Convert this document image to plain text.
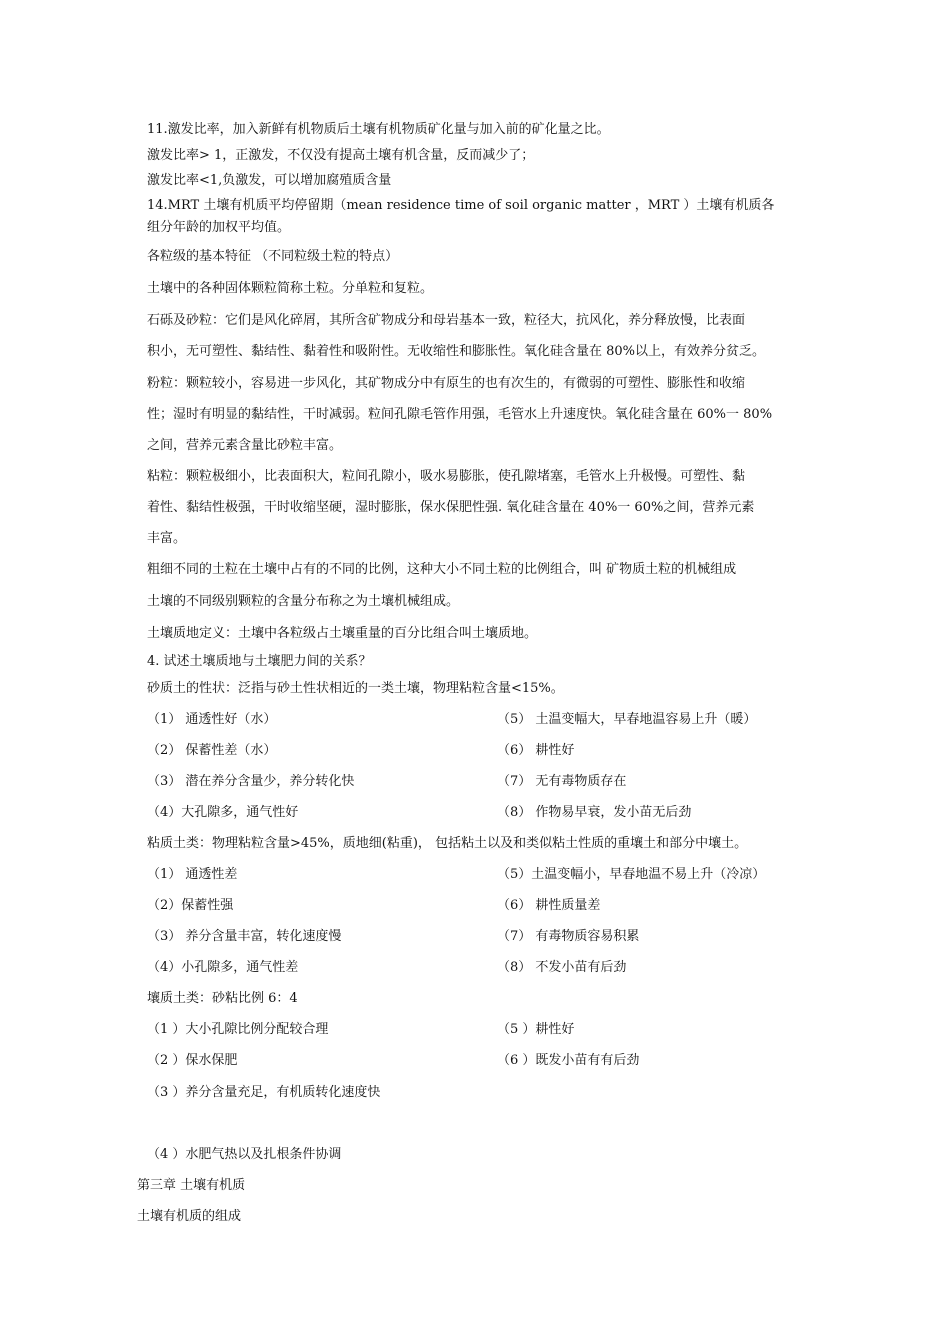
11.激发比率，加入新鲜有机物质后土壤有机物质矿化量与加入前的矿化量之比。
激发比率> 1，正激发，不仅没有提高土壤有机含量，反而减少了；
激发比率<1,负激发，可以增加腐殖质含量
14.MRT 土壤有机质平均停留期（mean residence time of soil organic matter ，MRT ）土壤有机质各
组分年龄的加权平均值。
各粒级的基本特征 （不同粒级土粒的特点）
土壤中的各种固体颗粒简称土粒。分单粒和复粒。
石砾及砂粒：它们是风化碎屑，其所含矿物成分和母岩基本一致，粒径大，抗风化，养分释放慢，比表面
积小，无可塑性、黏结性、黏着性和吸附性。无收缩性和膨胀性。氧化硅含量在 80%以上，有效养分贫乏。
粉粒：颗粒较小，容易进一步风化，其矿物成分中有原生的也有次生的，有微弱的可塑性、膨胀性和收缩
性；湿时有明显的黏结性，干时减弱。粒间孔隙毛管作用强，毛管水上升速度快。氧化硅含量在 60%一 80%
之间，营养元素含量比砂粒丰富。
粘粒：颗粒极细小，比表面积大，粒间孔隙小，吸水易膨胀，使孔隙堵塞，毛管水上升极慢。可塑性、黏
着性、黏结性极强，干时收缩坚硬，湿时膨胀，保水保肥性强. 氧化硅含量在 40%一 60%之间，营养元素
丰富。
粗细不同的土粒在土壤中占有的不同的比例，这种大小不同土粒的比例组合，叫 矿物质土粒的机械组成
土壤的不同级别颗粒的含量分布称之为土壤机械组成。
土壤质地定义：土壤中各粒级占土壤重量的百分比组合叫土壤质地。
4. 试述土壤质地与土壤肥力间的关系？
砂质土的性状：泛指与砂土性状相近的一类土壤，物理粘粒含量<15%。
（1） 通透性好（水）
（2） 保蓄性差（水）
（3） 潜在养分含量少，养分转化快
（4）大孔隙多，通气性好
（5） 土温变幅大，早春地温容易上升（暖）
（6） 耕性好
（7） 无有毒物质存在
（8） 作物易早衰，发小苗无后劲
粘质土类：物理粘粒含量>45%，质地细(粘重)， 包括粘土以及和类似粘土性质的重壤土和部分中壤土。
（1） 通透性差
（2）保蓄性强
（3） 养分含量丰富，转化速度慢
（4）小孔隙多，通气性差
（5）土温变幅小，早春地温不易上升（冷凉）
（6） 耕性质量差
（7） 有毒物质容易积累
（8） 不发小苗有后劲
壤质土类：砂粘比例 6：4
（1 ）大小孔隙比例分配较合理
（2 ）保水保肥
（3 ）养分含量充足，有机质转化速度快
（4 ）水肥气热以及扎根条件协调
（5 ）耕性好
（6 ）既发小苗有有后劲
第三章 土壤有机质
土壤有机质的组成
